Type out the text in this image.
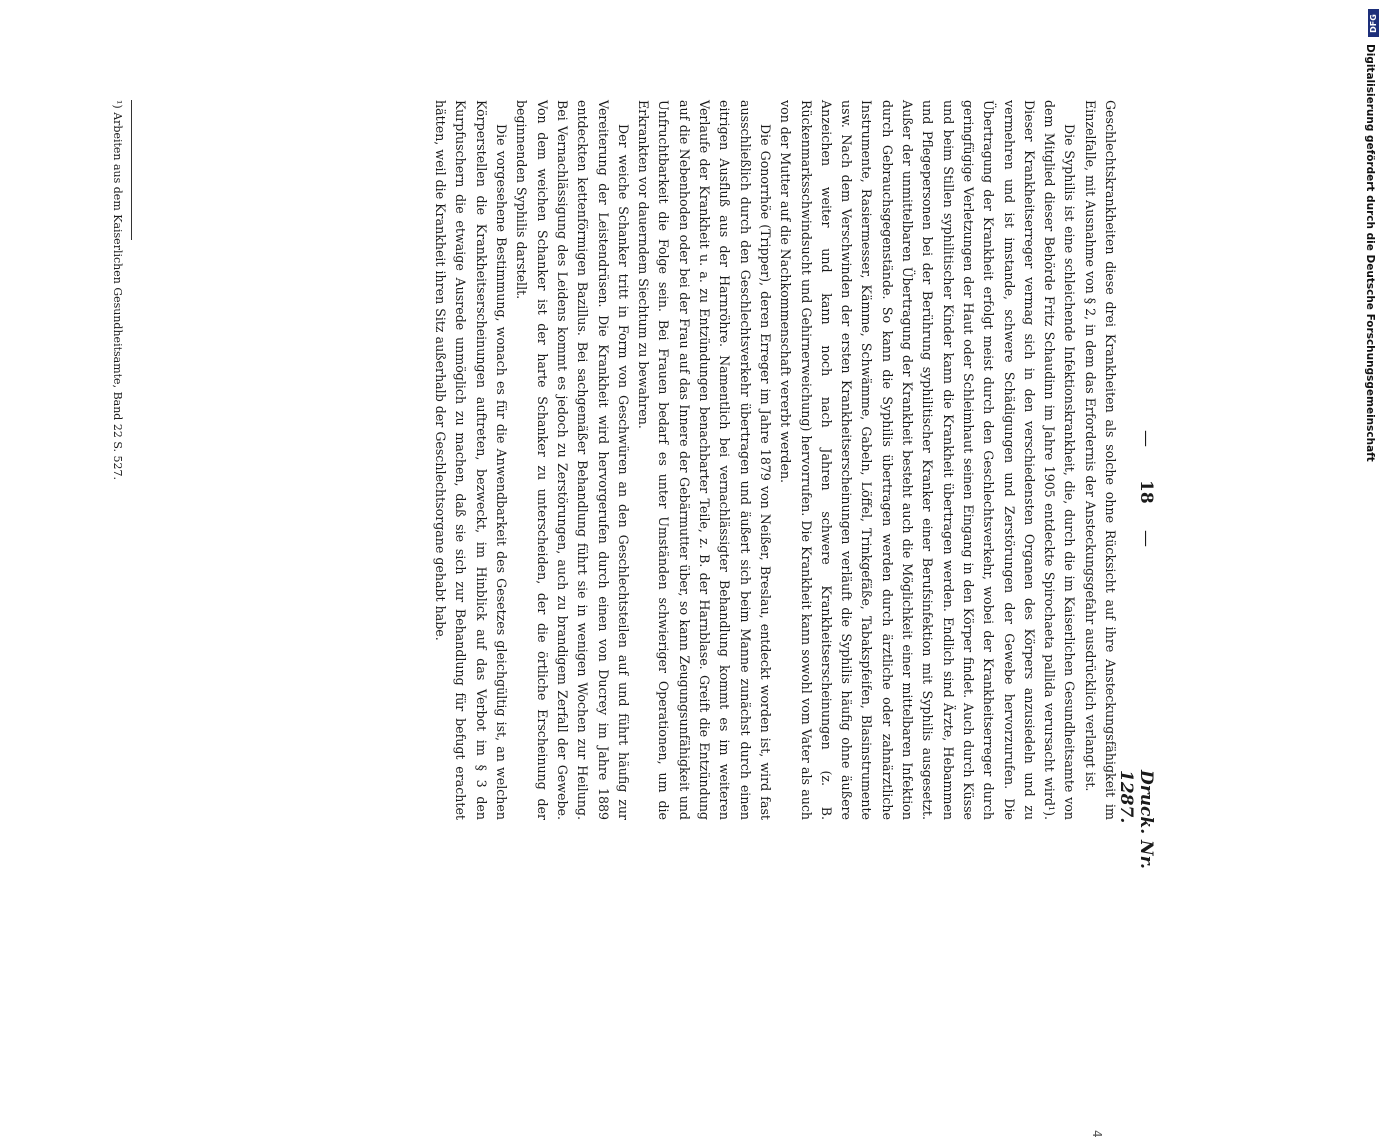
—
18
—
Druck. Nr. 1287.

Geschlechtskrankheiten diese drei Krankheiten als solche ohne Rücksicht auf ihre Ansteckungsfähigkeit im Einzelfalle, mit Ausnahme von § 2, in dem das Erfordernis der Ansteckungsgefahr ausdrücklich verlangt ist.

Die Syphilis ist eine schleichende Infektionskrankheit, die, durch die im Kaiserlichen Gesundheitsamte von dem Mitglied dieser Behörde Fritz Schaudinn im Jahre 1905 entdeckte Spirochaeta pallida verursacht wird¹). Dieser Krankheitserreger vermag sich in den verschiedensten Organen des Körpers anzusiedeln und zu vermehren und ist imstande, schwere Schädigungen und Zerstörungen der Gewebe hervorzurufen. Die Übertragung der Krankheit erfolgt meist durch den Geschlechtsverkehr, wobei der Krankheitserreger durch geringfügige Verletzungen der Haut oder Schleimhaut seinen Eingang in den Körper findet. Auch durch Küsse und beim Stillen syphilitischer Kinder kann die Krankheit übertragen werden. Endlich sind Ärzte, Hebammen und Pflegepersonen bei der Berührung syphilitischer Kranker einer Berufsinfektion mit Syphilis ausgesetzt. Außer der unmittelbaren Übertragung der Krankheit besteht auch die Möglichkeit einer mittelbaren Infektion durch Gebrauchsgegenstände. So kann die Syphilis übertragen werden durch ärztliche oder zahnärztliche Instrumente, Rasiermesser, Kämme, Schwämme, Gabeln, Löffel, Trinkgefäße, Tabakspfeifen, Blasinstrumente usw. Nach dem Verschwinden der ersten Krankheitserscheinungen verläuft die Syphilis häufig ohne äußere Anzeichen weiter und kann noch nach Jahren schwere Krankheitserscheinungen (z. B. Rückenmarksschwindsucht und Gehirnerweichung) hervorrufen. Die Krankheit kann sowohl vom Vater als auch von der Mutter auf die Nachkommenschaft vererbt werden.

Die Gonorrhöe (Tripper), deren Erreger im Jahre 1879 von Neißer, Breslau, entdeckt worden ist, wird fast ausschließlich durch den Geschlechtsverkehr übertragen und äußert sich beim Manne zunächst durch einen eitrigen Ausfluß aus der Harnröhre. Namentlich bei vernachlässigter Behandlung kommt es im weiteren Verlaufe der Krankheit u. a. zu Entzündungen benachbarter Teile, z. B. der Harnblase. Greift die Entzündung auf die Nebenhoden oder bei der Frau auf das Innere der Gebärmutter über, so kann Zeugungsunfähigkeit und Unfruchtbarkeit die Folge sein. Bei Frauen bedarf es unter Umständen schwieriger Operationen, um die Erkrankten vor dauerndem Siechtum zu bewahren.

Der weiche Schanker tritt in Form von Geschwüren an den Geschlechtsteilen auf und führt häufig zur Vereiterung der Leistendrüsen. Die Krankheit wird hervorgerufen durch einen von Ducrey im Jahre 1889 entdeckten kettenförmigen Bazillus. Bei sachgemäßer Behandlung führt sie in wenigen Wochen zur Heilung. Bei Vernachlässigung des Leidens kommt es jedoch zu Zerstörungen, auch zu brandigem Zerfall der Gewebe. Von dem weichen Schanker ist der harte Schanker zu unterscheiden, der die örtliche Erscheinung der beginnenden Syphilis darstellt.

Die vorgesehene Bestimmung, wonach es für die Anwendbarkeit des Gesetzes gleichgültig ist, an welchen Körperstellen die Krankheitserscheinungen auftreten, bezweckt, im Hinblick auf das Verbot im § 3 den Kurpfuschern die etwaige Ausrede unmöglich zu machen, daß sie sich zur Behandlung für befugt erachtet hätten, weil die Krankheit ihren Sitz außerhalb der Geschlechtsorgane gehabt habe.

4
¹) Arbeiten aus dem Kaiserlichen Gesundheitsamte, Band 22 S. 527.
DFG
Digitalisierung gefördert durch die Deutsche Forschungsgemeinschaft
